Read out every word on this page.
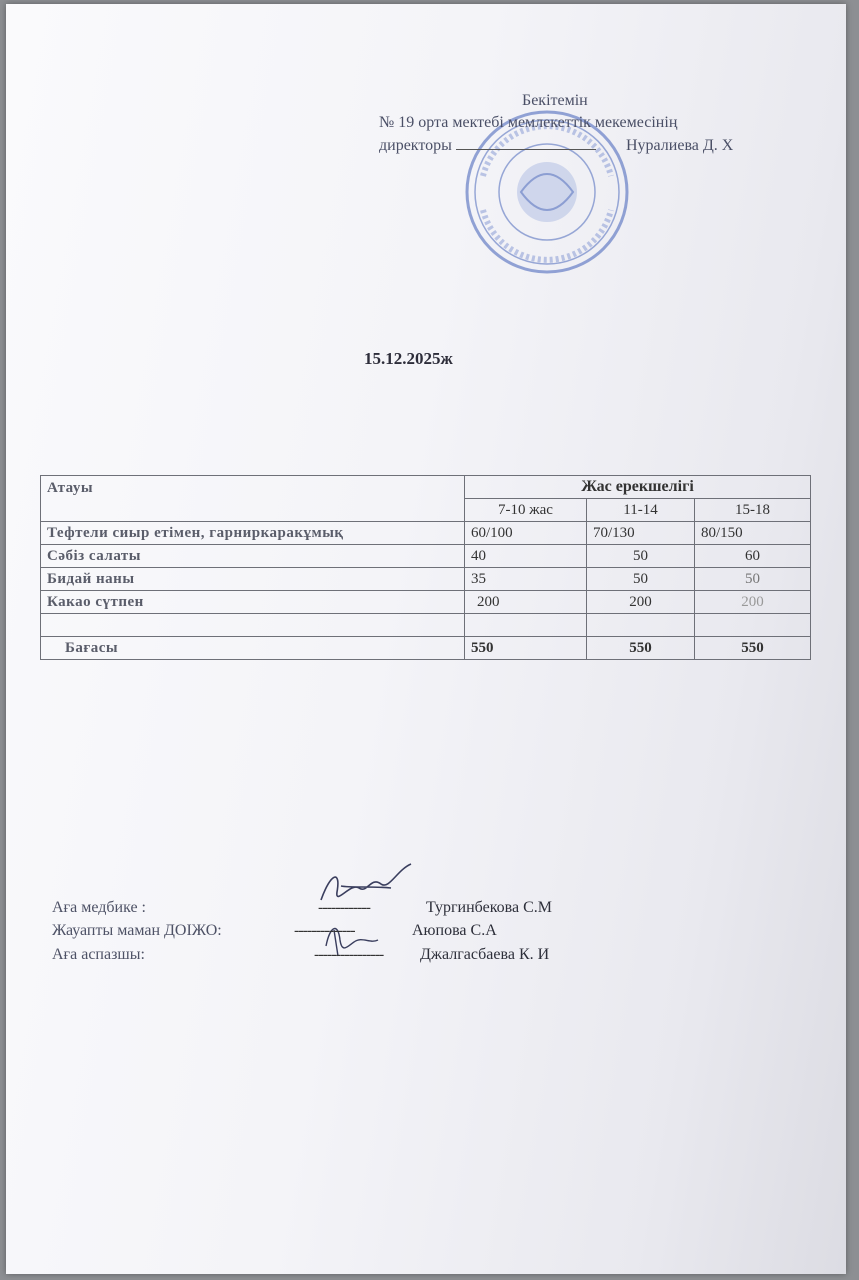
Бекітемін
№ 19 орта мектебі мемлекеттік мекемесінің
директоры	Нуралиева Д. Х
15.12.2025ж
Атауы	Жас ерекшелігі		
	7-10 жас	11-14	15-18
Тефтели сиыр етімен, гарниркаракұмық	60/100	70/130	80/150
Сәбіз салаты	40	50	60
Бидай наны	35	50	50
Какао сүтпен	200	200	200

Бағасы	550	550	550
Аға медбике :	------------	Тургинбекова С.М
Жауапты маман ДОІЖО:	--------------	Аюпова С.А
Аға аспазшы:	---------------- Джалгасбаева К. И
